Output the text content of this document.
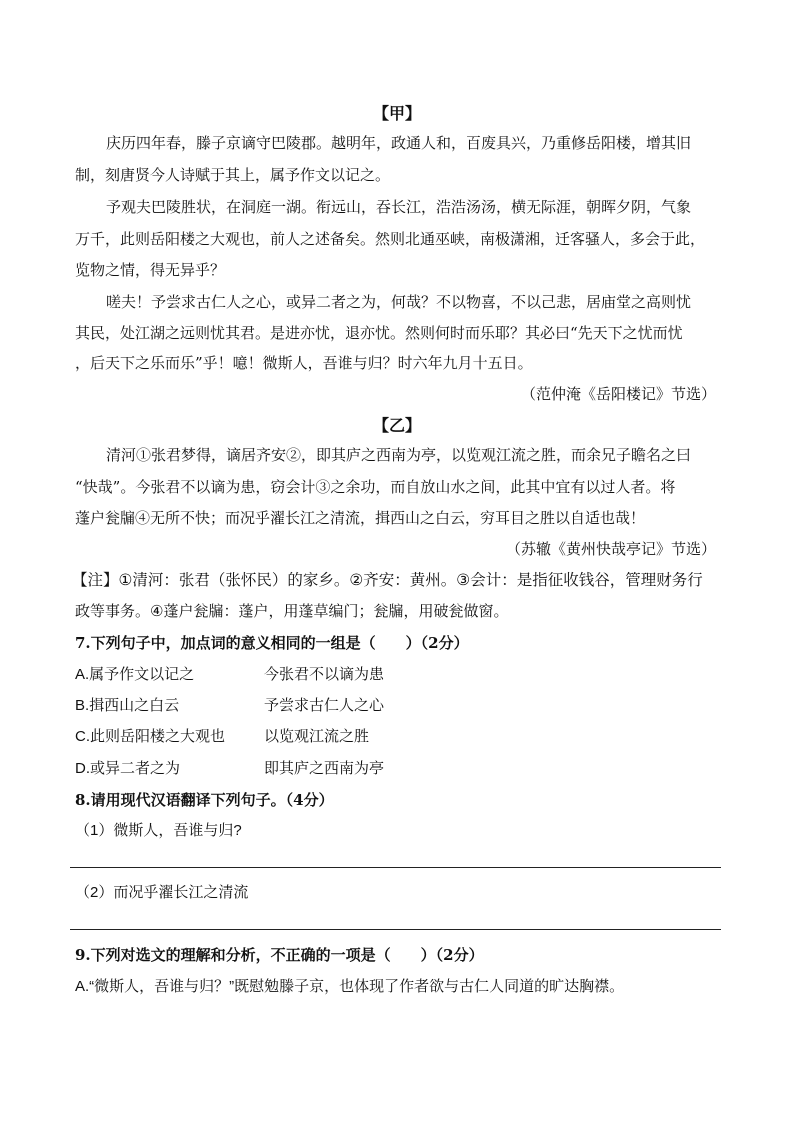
【甲】
庆历四年春，滕子京谪守巴陵郡。越明年，政通人和，百废具兴，乃重修岳阳楼，增其旧
制，刻唐贤今人诗赋于其上，属予作文以记之。
予观夫巴陵胜状，在洞庭一湖。衔远山，吞长江，浩浩汤汤，横无际涯，朝晖夕阴，气象
万千，此则岳阳楼之大观也，前人之述备矣。然则北通巫峡，南极潇湘，迁客骚人，多会于此，
览物之情，得无异乎？
嗟夫！予尝求古仁人之心，或异二者之为，何哉？不以物喜，不以己悲，居庙堂之高则忧
其民，处江湖之远则忧其君。是进亦忧，退亦忧。然则何时而乐耶？其必曰“先天下之忧而忧
，后天下之乐而乐”乎！噫！微斯人，吾谁与归？时六年九月十五日。
（范仲淹《岳阳楼记》节选）
【乙】
清河①张君梦得，谪居齐安②，即其庐之西南为亭，以览观江流之胜，而余兄子瞻名之曰
“快哉”。今张君不以谪为患，窃会计③之余功，而自放山水之间，此其中宜有以过人者。将
蓬户瓮牖④无所不快；而况乎濯长江之清流，揖西山之白云，穷耳目之胜以自适也哉！
（苏辙《黄州快哉亭记》节选）
【注】①清河：张君（张怀民）的家乡。②齐安：黄州。③会计：是指征收钱谷，管理财务行
政等事务。④蓬户瓮牖：蓬户，用蓬草编门；瓮牖，用破瓮做窗。
7.下列句子中，加点词的意义相同的一组是（　　）（2分）
A.属予作文以记之	今张君不以谪为患
B.揖西山之白云	予尝求古仁人之心
C.此则岳阳楼之大观也	以览观江流之胜
D.或异二者之为	即其庐之西南为亭
8.请用现代汉语翻译下列句子。（4分）
（1）微斯人，吾谁与归?
（2）而况乎濯长江之清流
9.下列对选文的理解和分析，不正确的一项是（　　）（2分）
A.“微斯人，吾谁与归？”既慰勉滕子京，也体现了作者欲与古仁人同道的旷达胸襟。
